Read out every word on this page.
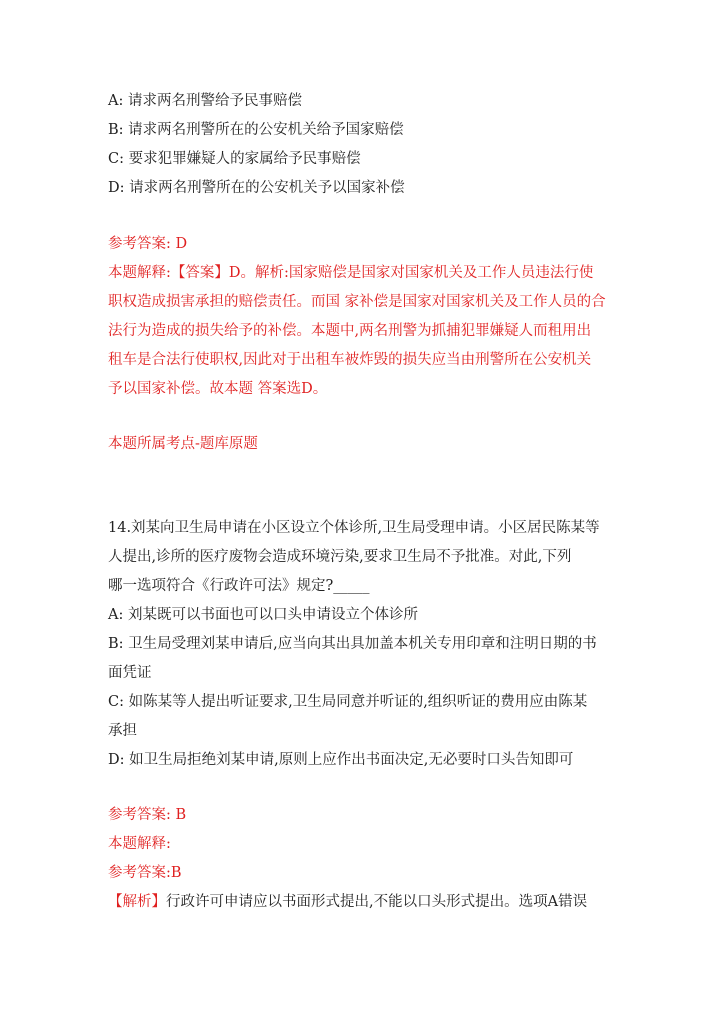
A: 请求两名刑警给予民事赔偿
B: 请求两名刑警所在的公安机关给予国家赔偿
C: 要求犯罪嫌疑人的家属给予民事赔偿
D: 请求两名刑警所在的公安机关予以国家补偿
参考答案: D
本题解释:【答案】D。解析:国家赔偿是国家对国家机关及工作人员违法行使
职权造成损害承担的赔偿责任。而国 家补偿是国家对国家机关及工作人员的合
法行为造成的损失给予的补偿。本题中,两名刑警为抓捕犯罪嫌疑人而租用出
租车是合法行使职权,因此对于出租车被炸毁的损失应当由刑警所在公安机关
予以国家补偿。故本题 答案选D。
本题所属考点-题库原题
14.刘某向卫生局申请在小区设立个体诊所,卫生局受理申请。小区居民陈某等
人提出,诊所的医疗废物会造成环境污染,要求卫生局不予批准。对此,下列
哪一选项符合《行政许可法》规定?_____
A: 刘某既可以书面也可以口头申请设立个体诊所
B: 卫生局受理刘某申请后,应当向其出具加盖本机关专用印章和注明日期的书
面凭证
C: 如陈某等人提出听证要求,卫生局同意并听证的,组织听证的费用应由陈某
承担
D: 如卫生局拒绝刘某申请,原则上应作出书面决定,无必要时口头告知即可
参考答案: B
本题解释:
参考答案:B
【解析】行政许可申请应以书面形式提出,不能以口头形式提出。选项A错误
